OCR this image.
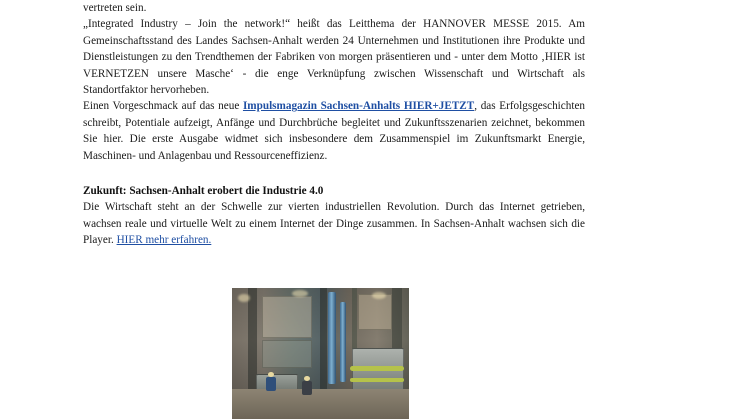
vertreten sein.

„Integrated Industry – Join the network!“ heißt das Leitthema der HANNOVER MESSE 2015. Am Gemeinschaftsstand des Landes Sachsen-Anhalt werden 24 Unternehmen und Institutionen ihre Produkte und Dienstleistungen zu den Trendthemen der Fabriken von morgen präsentieren und - unter dem Motto ‚HIER ist VERNETZEN unsere Masche‘ - die enge Verknüpfung zwischen Wissenschaft und Wirtschaft als Standortfaktor hervorheben.

Einen Vorgeschmack auf das neue Impulsmagazin Sachsen-Anhalts HIER+JETZT, das Erfolgsgeschichten schreibt, Potentiale aufzeigt, Anfänge und Durchbrüche begleitet und Zukunftsszenarien zeichnet, bekommen Sie hier. Die erste Ausgabe widmet sich insbesondere dem Zusammenspiel im Zukunftsmarkt Energie, Maschinen- und Anlagenbau und Ressourceneffizienz.

Zukunft: Sachsen-Anhalt erobert die Industrie 4.0

Die Wirtschaft steht an der Schwelle zur vierten industriellen Revolution. Durch das Internet getrieben, wachsen reale und virtuelle Welt zu einem Internet der Dinge zusammen. In Sachsen-Anhalt wachsen sich die Player. HIER mehr erfahren.
